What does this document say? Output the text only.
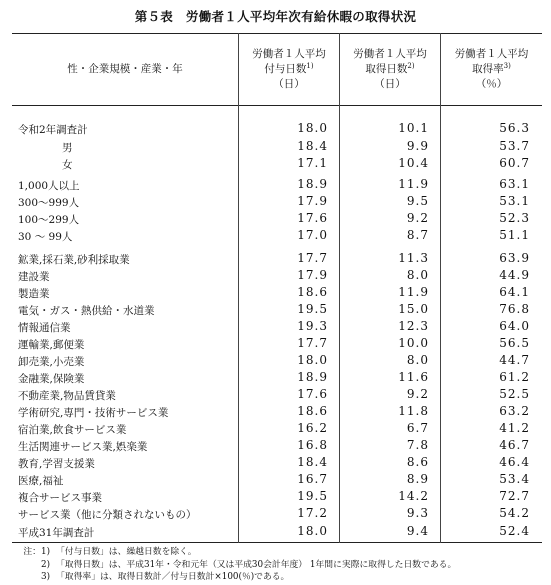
第５表　労働者１人平均年次有給休暇の取得状況
性・企業規模・産業・年
労働者１人平均
付与日数$^{1)}$
（日）
労働者１人平均
取得日数$^{2)}$
（日）
労働者１人平均
取得率$^{3)}$
（％）
令和2年調査計	18.0	10.1	56.3
男	18.4	9.9	53.7
女	17.1	10.4	60.7
1,000人以上	18.9	11.9	63.1
300～999人	17.9	9.5	53.1
100～299人	17.6	9.2	52.3
30 ～ 99人	17.0	8.7	51.1
鉱業,採石業,砂利採取業	17.7	11.3	63.9
建設業	17.9	8.0	44.9
製造業	18.6	11.9	64.1
電気・ガス・熱供給・水道業	19.5	15.0	76.8
情報通信業	19.3	12.3	64.0
運輸業,郵便業	17.7	10.0	56.5
卸売業,小売業	18.0	8.0	44.7
金融業,保険業	18.9	11.6	61.2
不動産業,物品賃貸業	17.6	9.2	52.5
学術研究,専門・技術サービス業	18.6	11.8	63.2
宿泊業,飲食サービス業	16.2	6.7	41.2
生活関連サービス業,娯楽業	16.8	7.8	46.7
教育,学習支援業	18.4	8.6	46.4
医療,福祉	16.7	8.9	53.4
複合サービス事業	19.5	14.2	72.7
サービス業（他に分類されないもの）	17.2	9.3	54.2
平成31年調査計	18.0	9.4	52.4
注：1) 「付与日数」は、繰越日数を除く。
2) 「取得日数」は、平成31年・令和元年（又は平成30会計年度） 1年間に実際に取得した日数である。
3) 「取得率」は、取得日数計／付与日数計×100(％)である。
